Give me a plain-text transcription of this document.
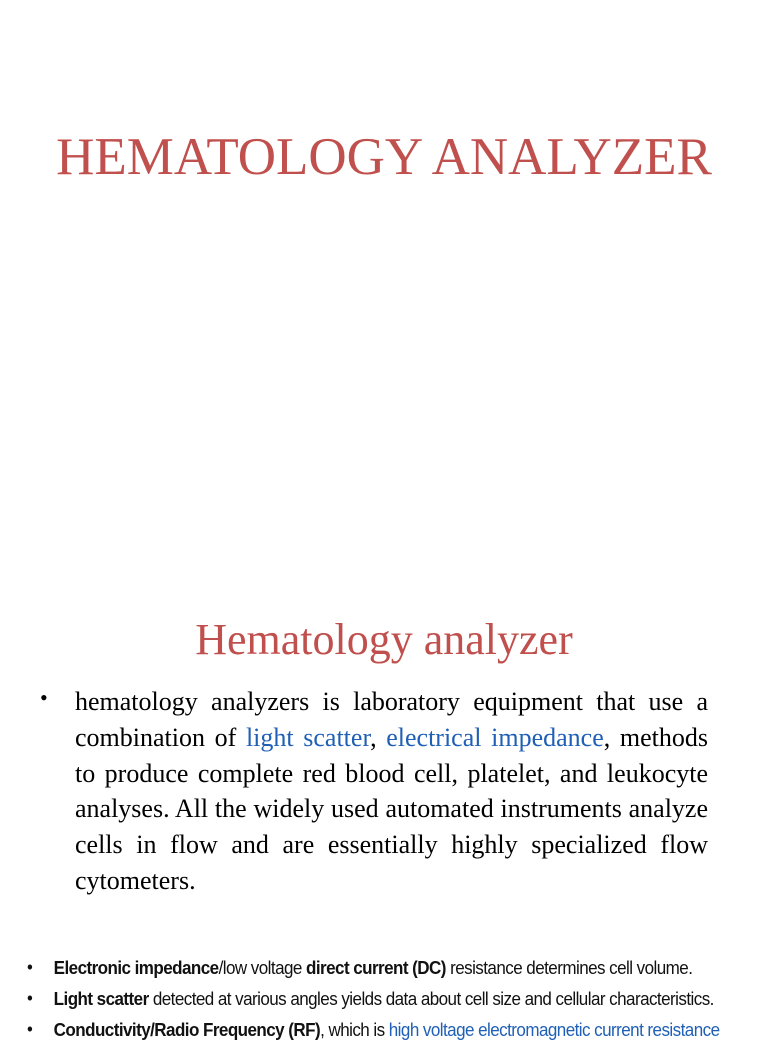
HEMATOLOGY ANALYZER
Hematology analyzer
• hematology analyzers is laboratory equipment that use a combination of light scatter, electrical impedance, methods to produce complete red blood cell, platelet, and leukocyte analyses. All the widely used automated instruments analyze cells in flow and are essentially highly specialized flow cytometers.

• Electronic impedance/low voltage direct current (DC) resistance determines cell volume.
• Light scatter detected at various angles yields data about cell size and cellular characteristics.
• Conductivity/Radio Frequency (RF), which is high voltage electromagnetic current resistance
